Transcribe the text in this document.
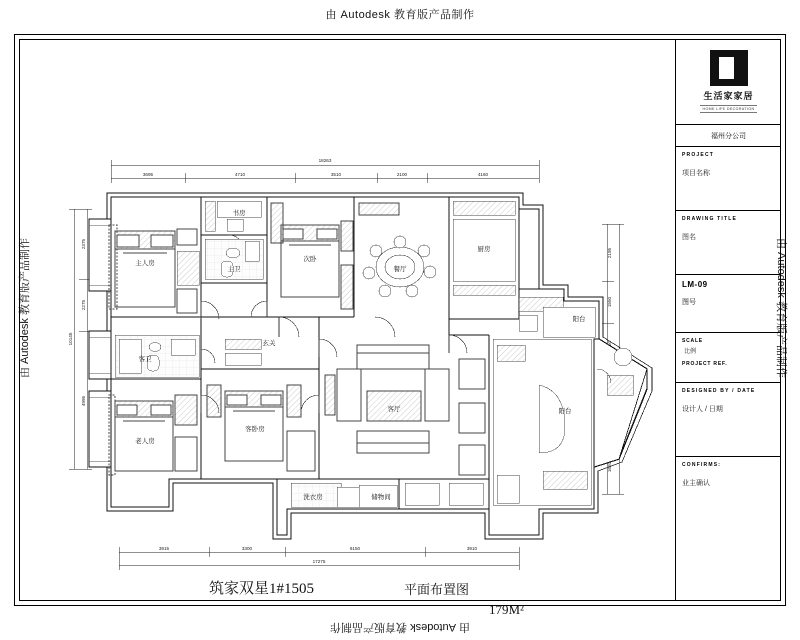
由 Autodesk 教育版产品制作
由 Autodesk 教育版产品制作
由 Autodesk 教育版产品制作	由 Autodesk 教育版产品制作
18263
3695	4710	3510	2100	4160
3915	3300	6150	3910
17275
2375
2275
4995
10145
2195
1550
1620
主人房
书房
次卧
餐厅
厨房
阳台
主卫
玄关
客卫
客卧房
老人房
客厅	阳台
洗衣房	储物间
筑家双星1#1505	平面布置图
179M²
生活家家居
HOME LIFE DECORATION
福州分公司
PROJECT
项目名称
DRAWING TITLE
图名
LM-09
图号
SCALE
比例
PROJECT REF.
DESIGNED BY / DATE
设计人 / 日期
CONFIRMS:
业主确认
